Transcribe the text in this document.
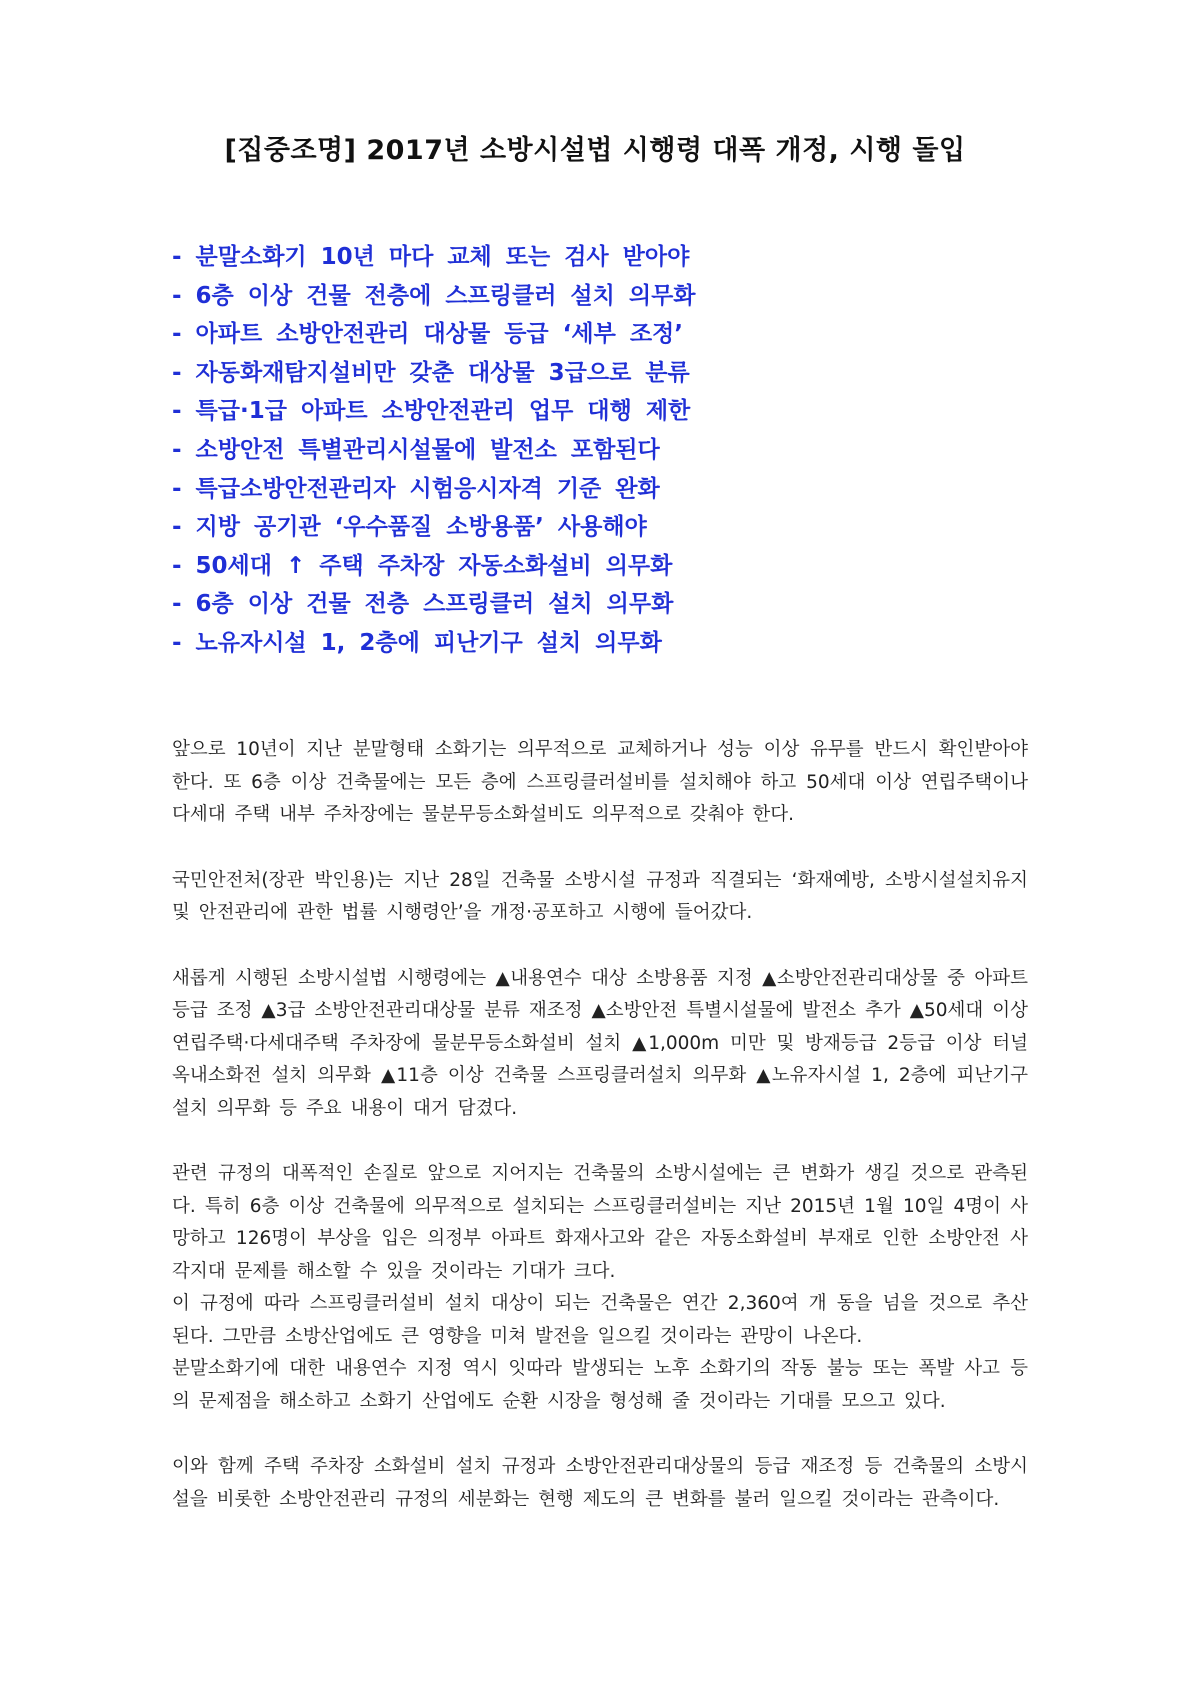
[집중조명] 2017년 소방시설법 시행령 대폭 개정, 시행 돌입
- 분말소화기 10년 마다 교체 또는 검사 받아야
- 6층 이상 건물 전층에 스프링클러 설치 의무화
- 아파트 소방안전관리 대상물 등급 ‘세부 조정’
- 자동화재탐지설비만 갖춘 대상물 3급으로 분류
- 특급·1급 아파트 소방안전관리 업무 대행 제한
- 소방안전 특별관리시설물에 발전소 포함된다
- 특급소방안전관리자 시험응시자격 기준 완화
- 지방 공기관 ‘우수품질 소방용품’ 사용해야
- 50세대 ↑ 주택 주차장 자동소화설비 의무화
- 6층 이상 건물 전층 스프링클러 설치 의무화
- 노유자시설 1, 2층에 피난기구 설치 의무화

앞으로 10년이 지난 분말형태 소화기는 의무적으로 교체하거나 성능 이상 유무를 반드시 확인받아야 한다. 또 6층 이상 건축물에는 모든 층에 스프링클러설비를 설치해야 하고 50세대 이상 연립주택이나 다세대 주택 내부 주차장에는 물분무등소화설비도 의무적으로 갖춰야 한다.

국민안전처(장관 박인용)는 지난 28일 건축물 소방시설 규정과 직결되는 ‘화재예방, 소방시설설치유지 및 안전관리에 관한 법률 시행령안’을 개정·공포하고 시행에 들어갔다.

새롭게 시행된 소방시설법 시행령에는 ▲내용연수 대상 소방용품 지정 ▲소방안전관리대상물 중 아파트 등급 조정 ▲3급 소방안전관리대상물 분류 재조정 ▲소방안전 특별시설물에 발전소 추가 ▲50세대 이상 연립주택·다세대주택 주차장에 물분무등소화설비 설치 ▲1,000m 미만 및 방재등급 2등급 이상 터널 옥내소화전 설치 의무화 ▲11층 이상 건축물 스프링클러설치 의무화 ▲노유자시설 1, 2층에 피난기구 설치 의무화 등 주요 내용이 대거 담겼다.

관련 규정의 대폭적인 손질로 앞으로 지어지는 건축물의 소방시설에는 큰 변화가 생길 것으로 관측된다. 특히 6층 이상 건축물에 의무적으로 설치되는 스프링클러설비는 지난 2015년 1월 10일 4명이 사망하고 126명이 부상을 입은 의정부 아파트 화재사고와 같은 자동소화설비 부재로 인한 소방안전 사각지대 문제를 해소할 수 있을 것이라는 기대가 크다.

이 규정에 따라 스프링클러설비 설치 대상이 되는 건축물은 연간 2,360여 개 동을 넘을 것으로 추산된다. 그만큼 소방산업에도 큰 영향을 미쳐 발전을 일으킬 것이라는 관망이 나온다.

분말소화기에 대한 내용연수 지정 역시 잇따라 발생되는 노후 소화기의 작동 불능 또는 폭발 사고 등의 문제점을 해소하고 소화기 산업에도 순환 시장을 형성해 줄 것이라는 기대를 모으고 있다.

이와 함께 주택 주차장 소화설비 설치 규정과 소방안전관리대상물의 등급 재조정 등 건축물의 소방시설을 비롯한 소방안전관리 규정의 세분화는 현행 제도의 큰 변화를 불러 일으킬 것이라는 관측이다.
